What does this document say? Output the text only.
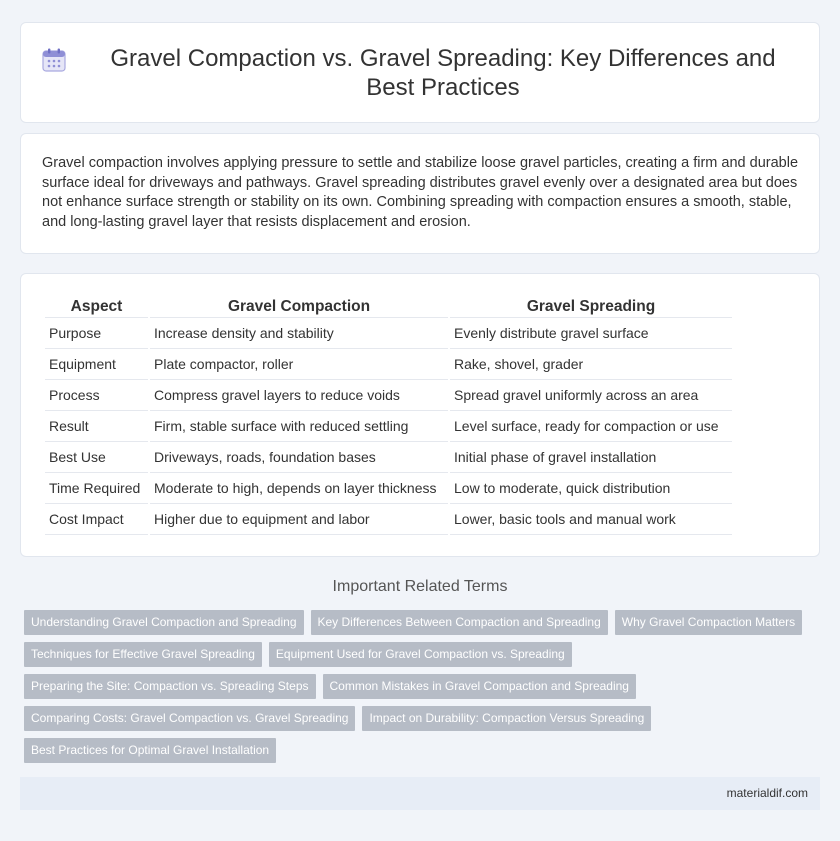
Gravel Compaction vs. Gravel Spreading: Key Differences and Best Practices

Gravel compaction involves applying pressure to settle and stabilize loose gravel particles, creating a firm and durable surface ideal for driveways and pathways. Gravel spreading distributes gravel evenly over a designated area but does not enhance surface strength or stability on its own. Combining spreading with compaction ensures a smooth, stable, and long-lasting gravel layer that resists displacement and erosion.

Aspect	Gravel Compaction	Gravel Spreading
Purpose	Increase density and stability	Evenly distribute gravel surface
Equipment	Plate compactor, roller	Rake, shovel, grader
Process	Compress gravel layers to reduce voids	Spread gravel uniformly across an area
Result	Firm, stable surface with reduced settling	Level surface, ready for compaction or use
Best Use	Driveways, roads, foundation bases	Initial phase of gravel installation
Time Required	Moderate to high, depends on layer thickness	Low to moderate, quick distribution
Cost Impact	Higher due to equipment and labor	Lower, basic tools and manual work
Important Related Terms
Understanding Gravel Compaction and Spreading	Key Differences Between Compaction and Spreading	Why Gravel Compaction Matters
Techniques for Effective Gravel Spreading	Equipment Used for Gravel Compaction vs. Spreading
Preparing the Site: Compaction vs. Spreading Steps	Common Mistakes in Gravel Compaction and Spreading
Comparing Costs: Gravel Compaction vs. Gravel Spreading	Impact on Durability: Compaction Versus Spreading
Best Practices for Optimal Gravel Installation
materialdif.com
